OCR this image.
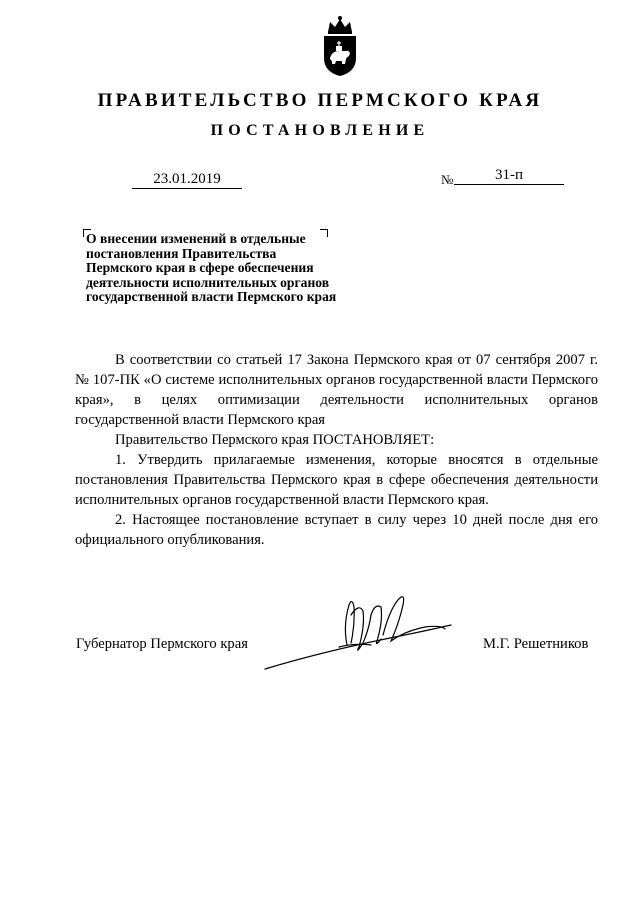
ПРАВИТЕЛЬСТВО ПЕРМСКОГО КРАЯ
ПОСТАНОВЛЕНИЕ
23.01.2019	№	31-п
О внесении изменений в отдельные
постановления Правительства
Пермского края в сфере обеспечения
деятельности исполнительных органов
государственной власти Пермского края

В соответствии со статьей 17 Закона Пермского края от 07 сентября 2007 г. № 107-ПК «О системе исполнительных органов государственной власти Пермского края», в целях оптимизации деятельности исполнительных органов государственной власти Пермского края

Правительство Пермского края ПОСТАНОВЛЯЕТ:

1. Утвердить прилагаемые изменения, которые вносятся в отдельные постановления Правительства Пермского края в сфере обеспечения деятельности исполнительных органов государственной власти Пермского края.

2. Настоящее постановление вступает в силу через 10 дней после дня его официального опубликования.

Губернатор Пермского края	М.Г. Решетников
